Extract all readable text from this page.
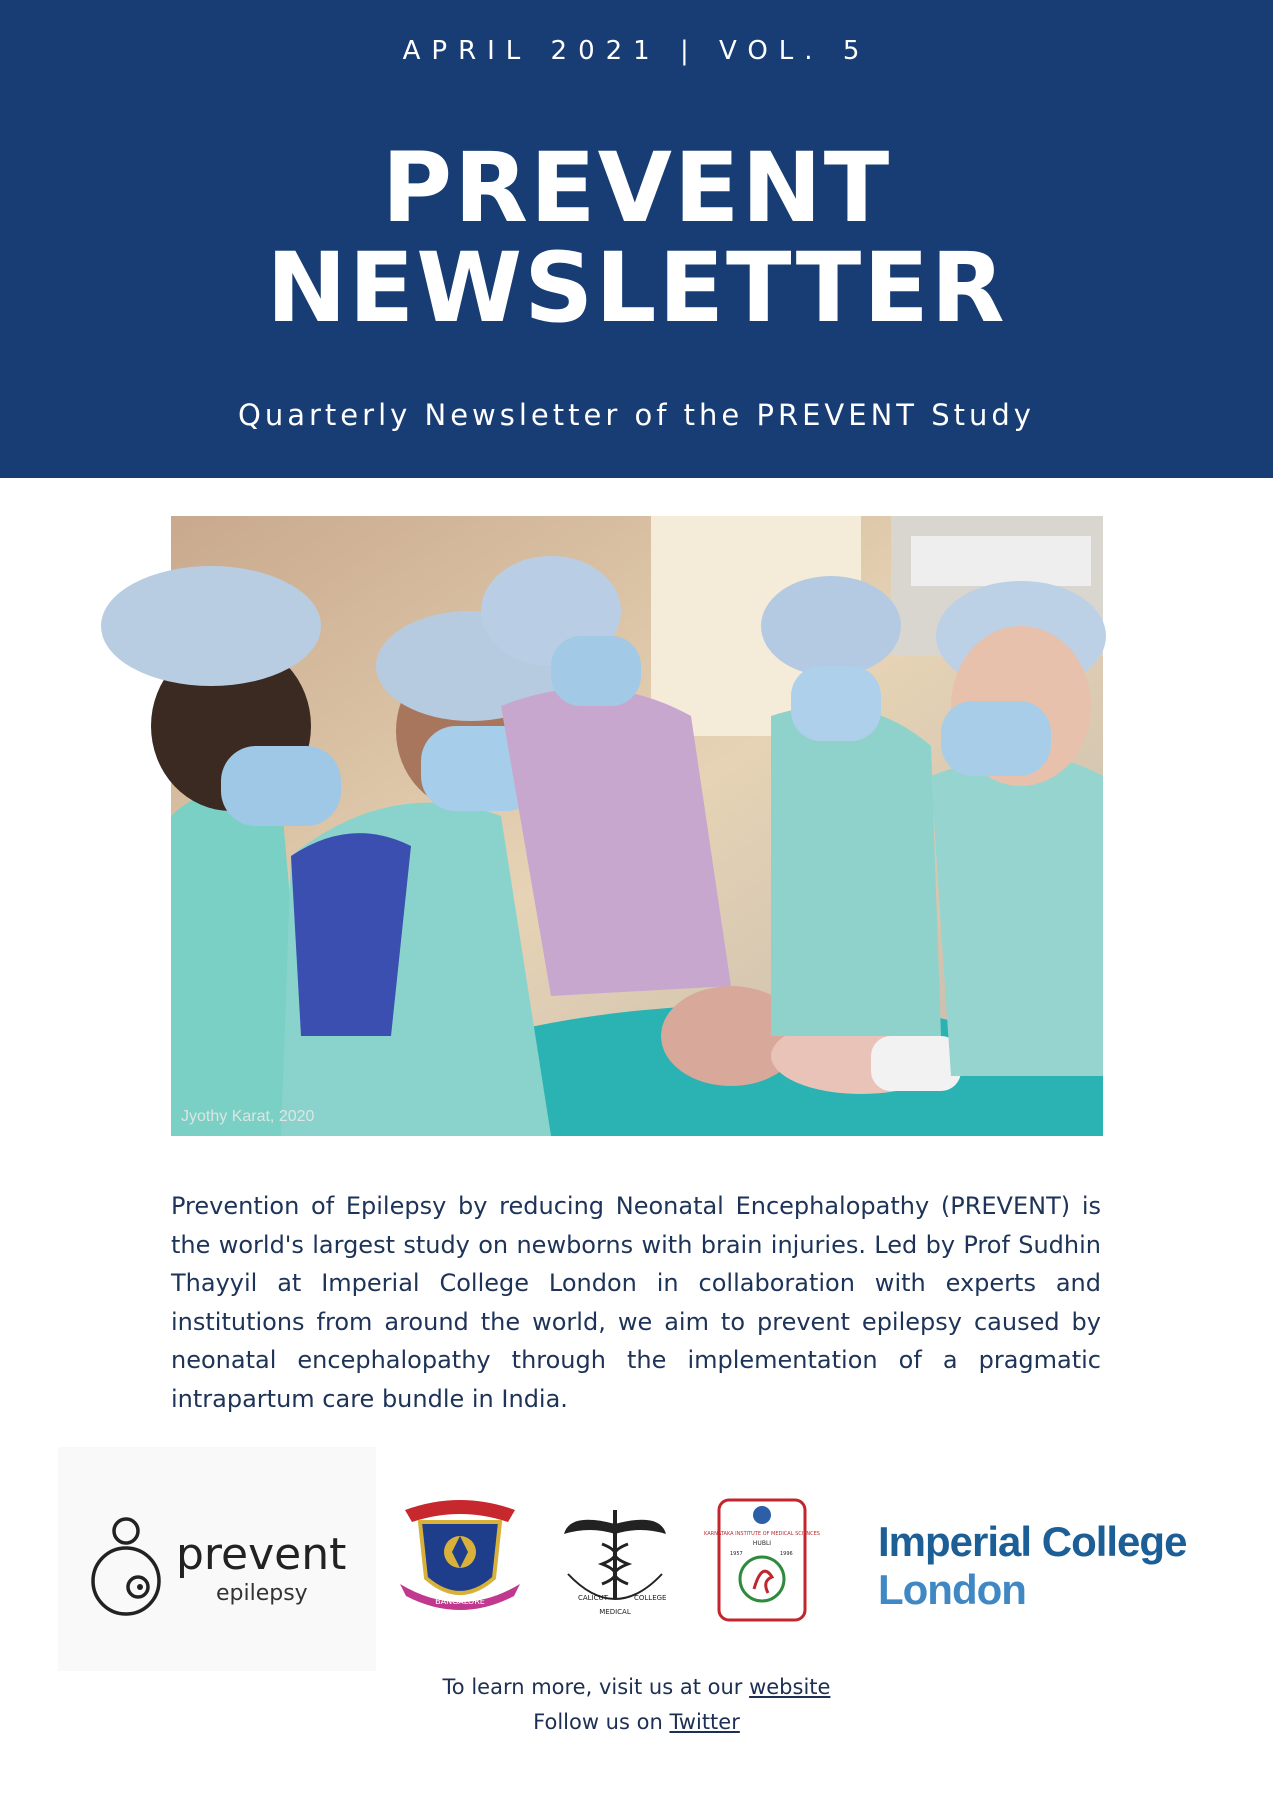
APRIL 2021 | VOL. 5
PREVENT
NEWSLETTER
Quarterly Newsletter of the PREVENT Study
Jyothy Karat, 2020
Prevention of Epilepsy by reducing Neonatal Encephalopathy (PREVENT) is the world's largest study on newborns with brain injuries. Led by Prof Sudhin Thayyil at Imperial College London in collaboration with experts and institutions from around the world, we aim to prevent epilepsy caused by neonatal encephalopathy through the implementation of a pragmatic intrapartum care bundle in India.
prevent
epilepsy	BANGALORE	CALICUT
MEDICAL
COLLEGE
KARNATAKA INSTITUTE OF MEDICAL SCIENCES
HUBLI
1957	1996 Imperial College
London
To learn more, visit us at our website
Follow us on Twitter
